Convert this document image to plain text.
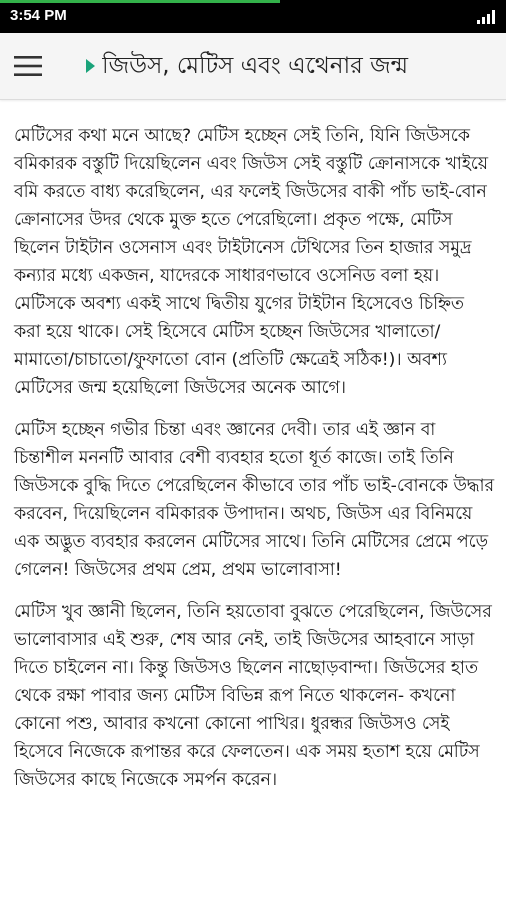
3:54 PM
জিউস, মেটিস এবং এথেনার জন্ম

মেটিসের কথা মনে আছে? মেটিস হচ্ছেন সেই তিনি, যিনি জিউসকে বমিকারক বস্তুটি দিয়েছিলেন এবং জিউস সেই বস্তুটি ক্রোনাসকে খাইয়ে বমি করতে বাধ্য করেছিলেন, এর ফলেই জিউসের বাকী পাঁচ ভাই-বোন ক্রোনাসের উদর থেকে মুক্ত হতে পেরেছিলো। প্রকৃত পক্ষে, মেটিস ছিলেন টাইটান ওসেনাস এবং টাইটানেস টেথিসের তিন হাজার সমুদ্র কন্যার মধ্যে একজন, যাদেরকে সাধারণভাবে ওসেনিড বলা হয়। মেটিসকে অবশ্য একই সাথে দ্বিতীয় যুগের টাইটান হিসেবেও চিহ্নিত করা হয়ে থাকে। সেই হিসেবে মেটিস হচ্ছেন জিউসের খালাতো/মামাতো/চাচাতো/ফুফাতো বোন (প্রতিটি ক্ষেত্রেই সঠিক!)। অবশ্য মেটিসের জন্ম হয়েছিলো জিউসের অনেক আগে।

মেটিস হচ্ছেন গভীর চিন্তা এবং জ্ঞানের দেবী। তার এই জ্ঞান বা চিন্তাশীল মননটি আবার বেশী ব্যবহার হতো ধূর্ত কাজে। তাই তিনি জিউসকে বুদ্ধি দিতে পেরেছিলেন কীভাবে তার পাঁচ ভাই-বোনকে উদ্ধার করবেন, দিয়েছিলেন বমিকারক উপাদান। অথচ, জিউস এর বিনিময়ে এক অদ্ভুত ব্যবহার করলেন মেটিসের সাথে। তিনি মেটিসের প্রেমে পড়ে গেলেন! জিউসের প্রথম প্রেম, প্রথম ভালোবাসা!

মেটিস খুব জ্ঞানী ছিলেন, তিনি হয়তোবা বুঝতে পেরেছিলেন, জিউসের ভালোবাসার এই শুরু, শেষ আর নেই, তাই জিউসের আহবানে সাড়া দিতে চাইলেন না। কিন্তু জিউসও ছিলেন নাছোড়বান্দা। জিউসের হাত থেকে রক্ষা পাবার জন্য মেটিস বিভিন্ন রূপ নিতে থাকলেন- কখনো কোনো পশু, আবার কখনো কোনো পাখির। ধুরন্ধর জিউসও সেই হিসেবে নিজেকে রূপান্তর করে ফেলতেন। এক সময় হতাশ হয়ে মেটিস জিউসের কাছে নিজেকে সমর্পন করেন।
